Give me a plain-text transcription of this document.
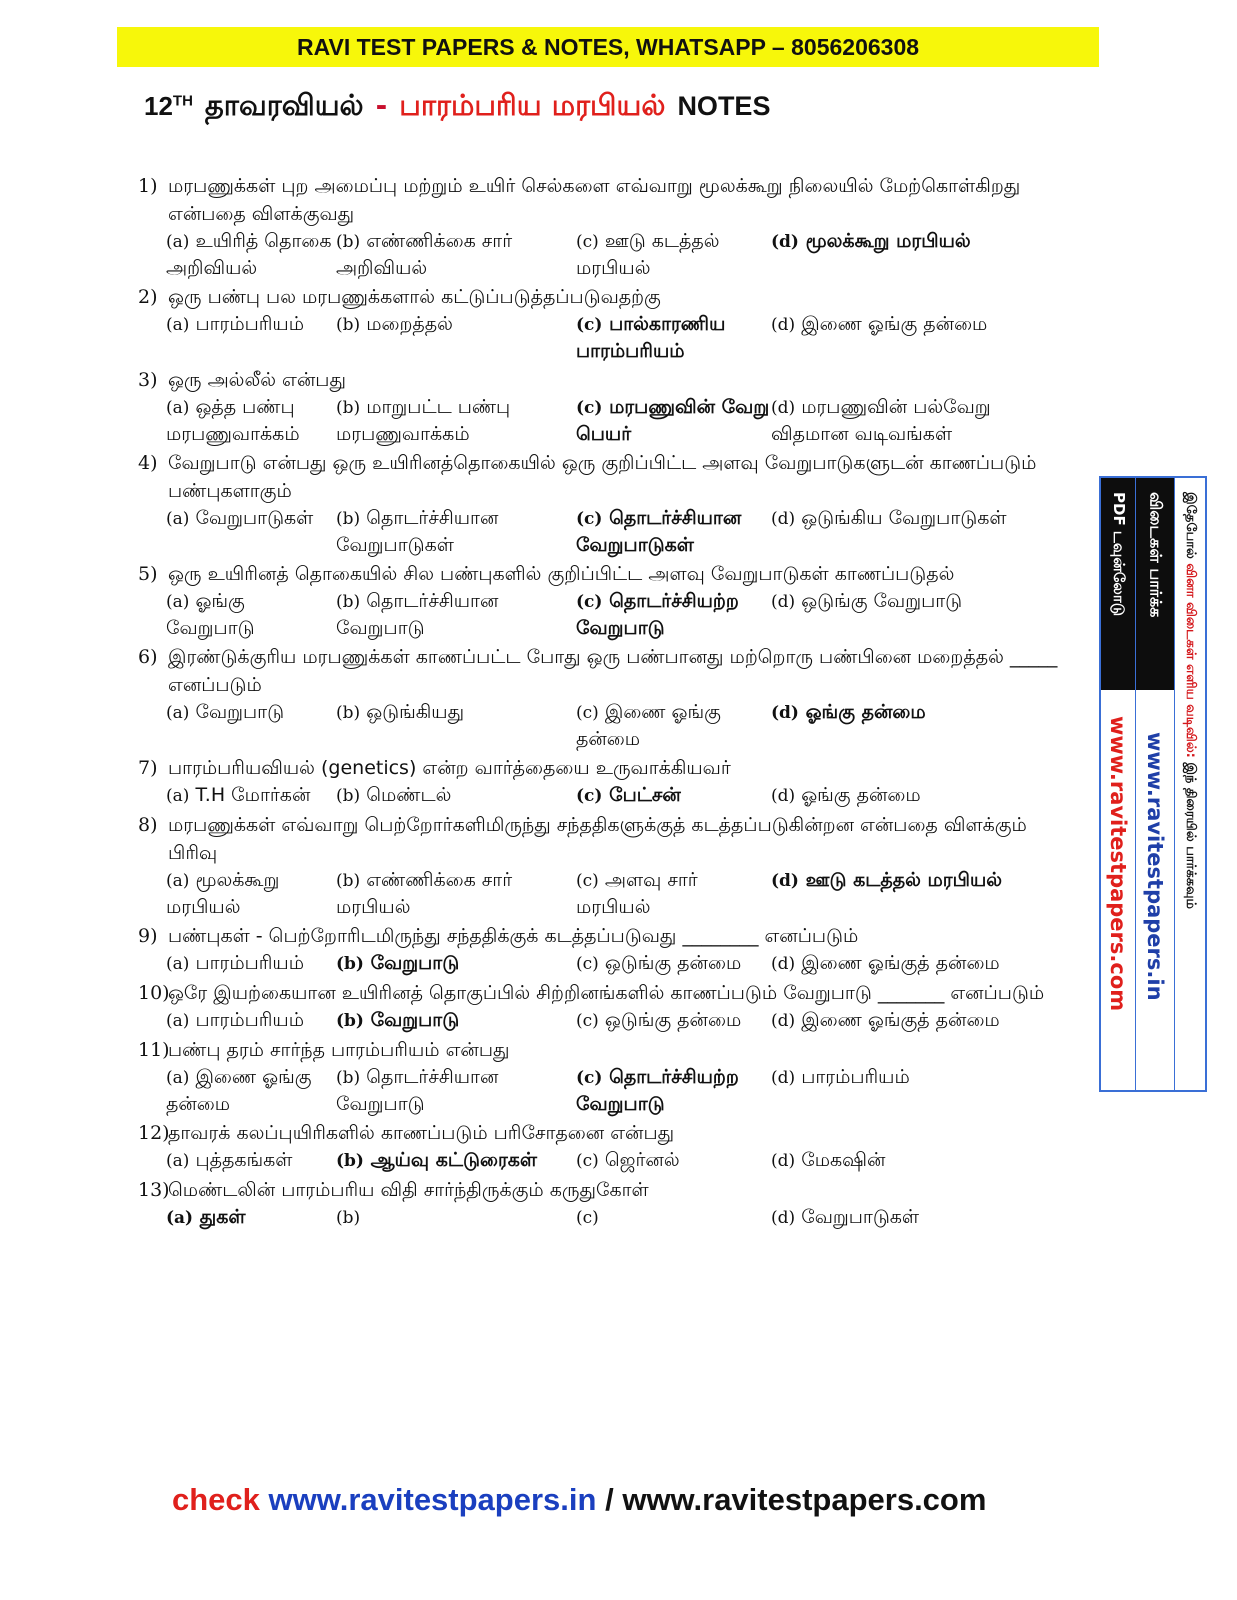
RAVI TEST PAPERS & NOTES, WHATSAPP – 8056206308
12TH தாவரவியல் - பாரம்பரிய மரபியல் NOTES
1) மரபணுக்கள் புற அமைப்பு மற்றும் உயிர் செல்களை எவ்வாறு மூலக்கூறு நிலையில் மேற்கொள்கிறது என்பதை விளக்குவது
(a) உயிரித் தொகை அறிவியல்
(b) எண்ணிக்கை சார் அறிவியல்
(c) ஊடு கடத்தல் மரபியல்
(d) மூலக்கூறு மரபியல்
2) ஒரு பண்பு பல மரபணுக்களால் கட்டுப்படுத்தப்படுவதற்கு
(a) பாரம்பரியம்	(b) மறைத்தல்	(c) பால்காரணிய பாரம்பரியம்
(d) இணை ஓங்கு தன்மை
3) ஒரு அல்லீல் என்பது
(a) ஒத்த பண்பு மரபணுவாக்கம்
(b) மாறுபட்ட பண்பு மரபணுவாக்கம்
(c) மரபணுவின் வேறு பெயர்
(d) மரபணுவின் பல்வேறு விதமான வடிவங்கள்
4) வேறுபாடு என்பது ஒரு உயிரினத்தொகையில் ஒரு குறிப்பிட்ட அளவு வேறுபாடுகளுடன் காணப்படும் பண்புகளாகும்
(a) வேறுபாடுகள்	(b) தொடர்ச்சியான வேறுபாடுகள்
(c) தொடர்ச்சியான வேறுபாடுகள்
(d) ஒடுங்கிய வேறுபாடுகள்
5) ஒரு உயிரினத் தொகையில் சில பண்புகளில் குறிப்பிட்ட அளவு வேறுபாடுகள் காணப்படுதல்
(a) ஓங்கு வேறுபாடு
(b) தொடர்ச்சியான வேறுபாடு
(c) தொடர்ச்சியற்ற வேறுபாடு
(d) ஒடுங்கு வேறுபாடு
6) இரண்டுக்குரிய மரபணுக்கள் காணப்பட்ட போது ஒரு பண்பானது மற்றொரு பண்பினை மறைத்தல் _____ எனப்படும்
(a) வேறுபாடு	(b) ஒடுங்கியது	(c) இணை ஓங்கு தன்மை
(d) ஓங்கு தன்மை
7) பாரம்பரியவியல் (genetics) என்ற வார்த்தையை உருவாக்கியவர்
(a) T.H மோர்கன்	(b) மெண்டல்	(c) பேட்சன்	(d) ஓங்கு தன்மை
8) மரபணுக்கள் எவ்வாறு பெற்றோர்களிமிருந்து சந்ததிகளுக்குத் கடத்தப்படுகின்றன என்பதை விளக்கும் பிரிவு
(a) மூலக்கூறு மரபியல்
(b) எண்ணிக்கை சார் மரபியல்
(c) அளவு சார் மரபியல்
(d) ஊடு கடத்தல் மரபியல்
9) பண்புகள் - பெற்றோரிடமிருந்து சந்ததிக்குக் கடத்தப்படுவது ________ எனப்படும்
(a) பாரம்பரியம்	(b) வேறுபாடு	(c) ஒடுங்கு தன்மை	(d) இணை ஓங்குத் தன்மை
10)
ஒரே இயற்கையான உயிரினத் தொகுப்பில் சிற்றினங்களில் காணப்படும் வேறுபாடு _______ எனப்படும்
(a) பாரம்பரியம்	(b) வேறுபாடு	(c) ஒடுங்கு தன்மை	(d) இணை ஓங்குத் தன்மை
11)
பண்பு தரம் சார்ந்த பாரம்பரியம் என்பது
(a) இணை ஓங்கு தன்மை
(b) தொடர்ச்சியான வேறுபாடு
(c) தொடர்ச்சியற்ற வேறுபாடு
(d) பாரம்பரியம்
12)
தாவரக் கலப்புயிரிகளில் காணப்படும் பரிசோதனை என்பது
(a) புத்தகங்கள்	(b) ஆய்வு கட்டுரைகள்	(c) ஜெர்னல்	(d) மேகஷின்
13)
மெண்டலின் பாரம்பரிய விதி சார்ந்திருக்கும் கருதுகோள்
(a) துகள்	(b)	(c)	(d) வேறுபாடுகள்
PDF டவுன்லோடு
www.ravitestpapers.com
விடைகள் பார்க்க
www.ravitestpapers.in
இதேபோல் வினா விடைகள் எளிய வடிவில்: இந் திரையில் பார்க்கவும்
check www.ravitestpapers.in / www.ravitestpapers.com
